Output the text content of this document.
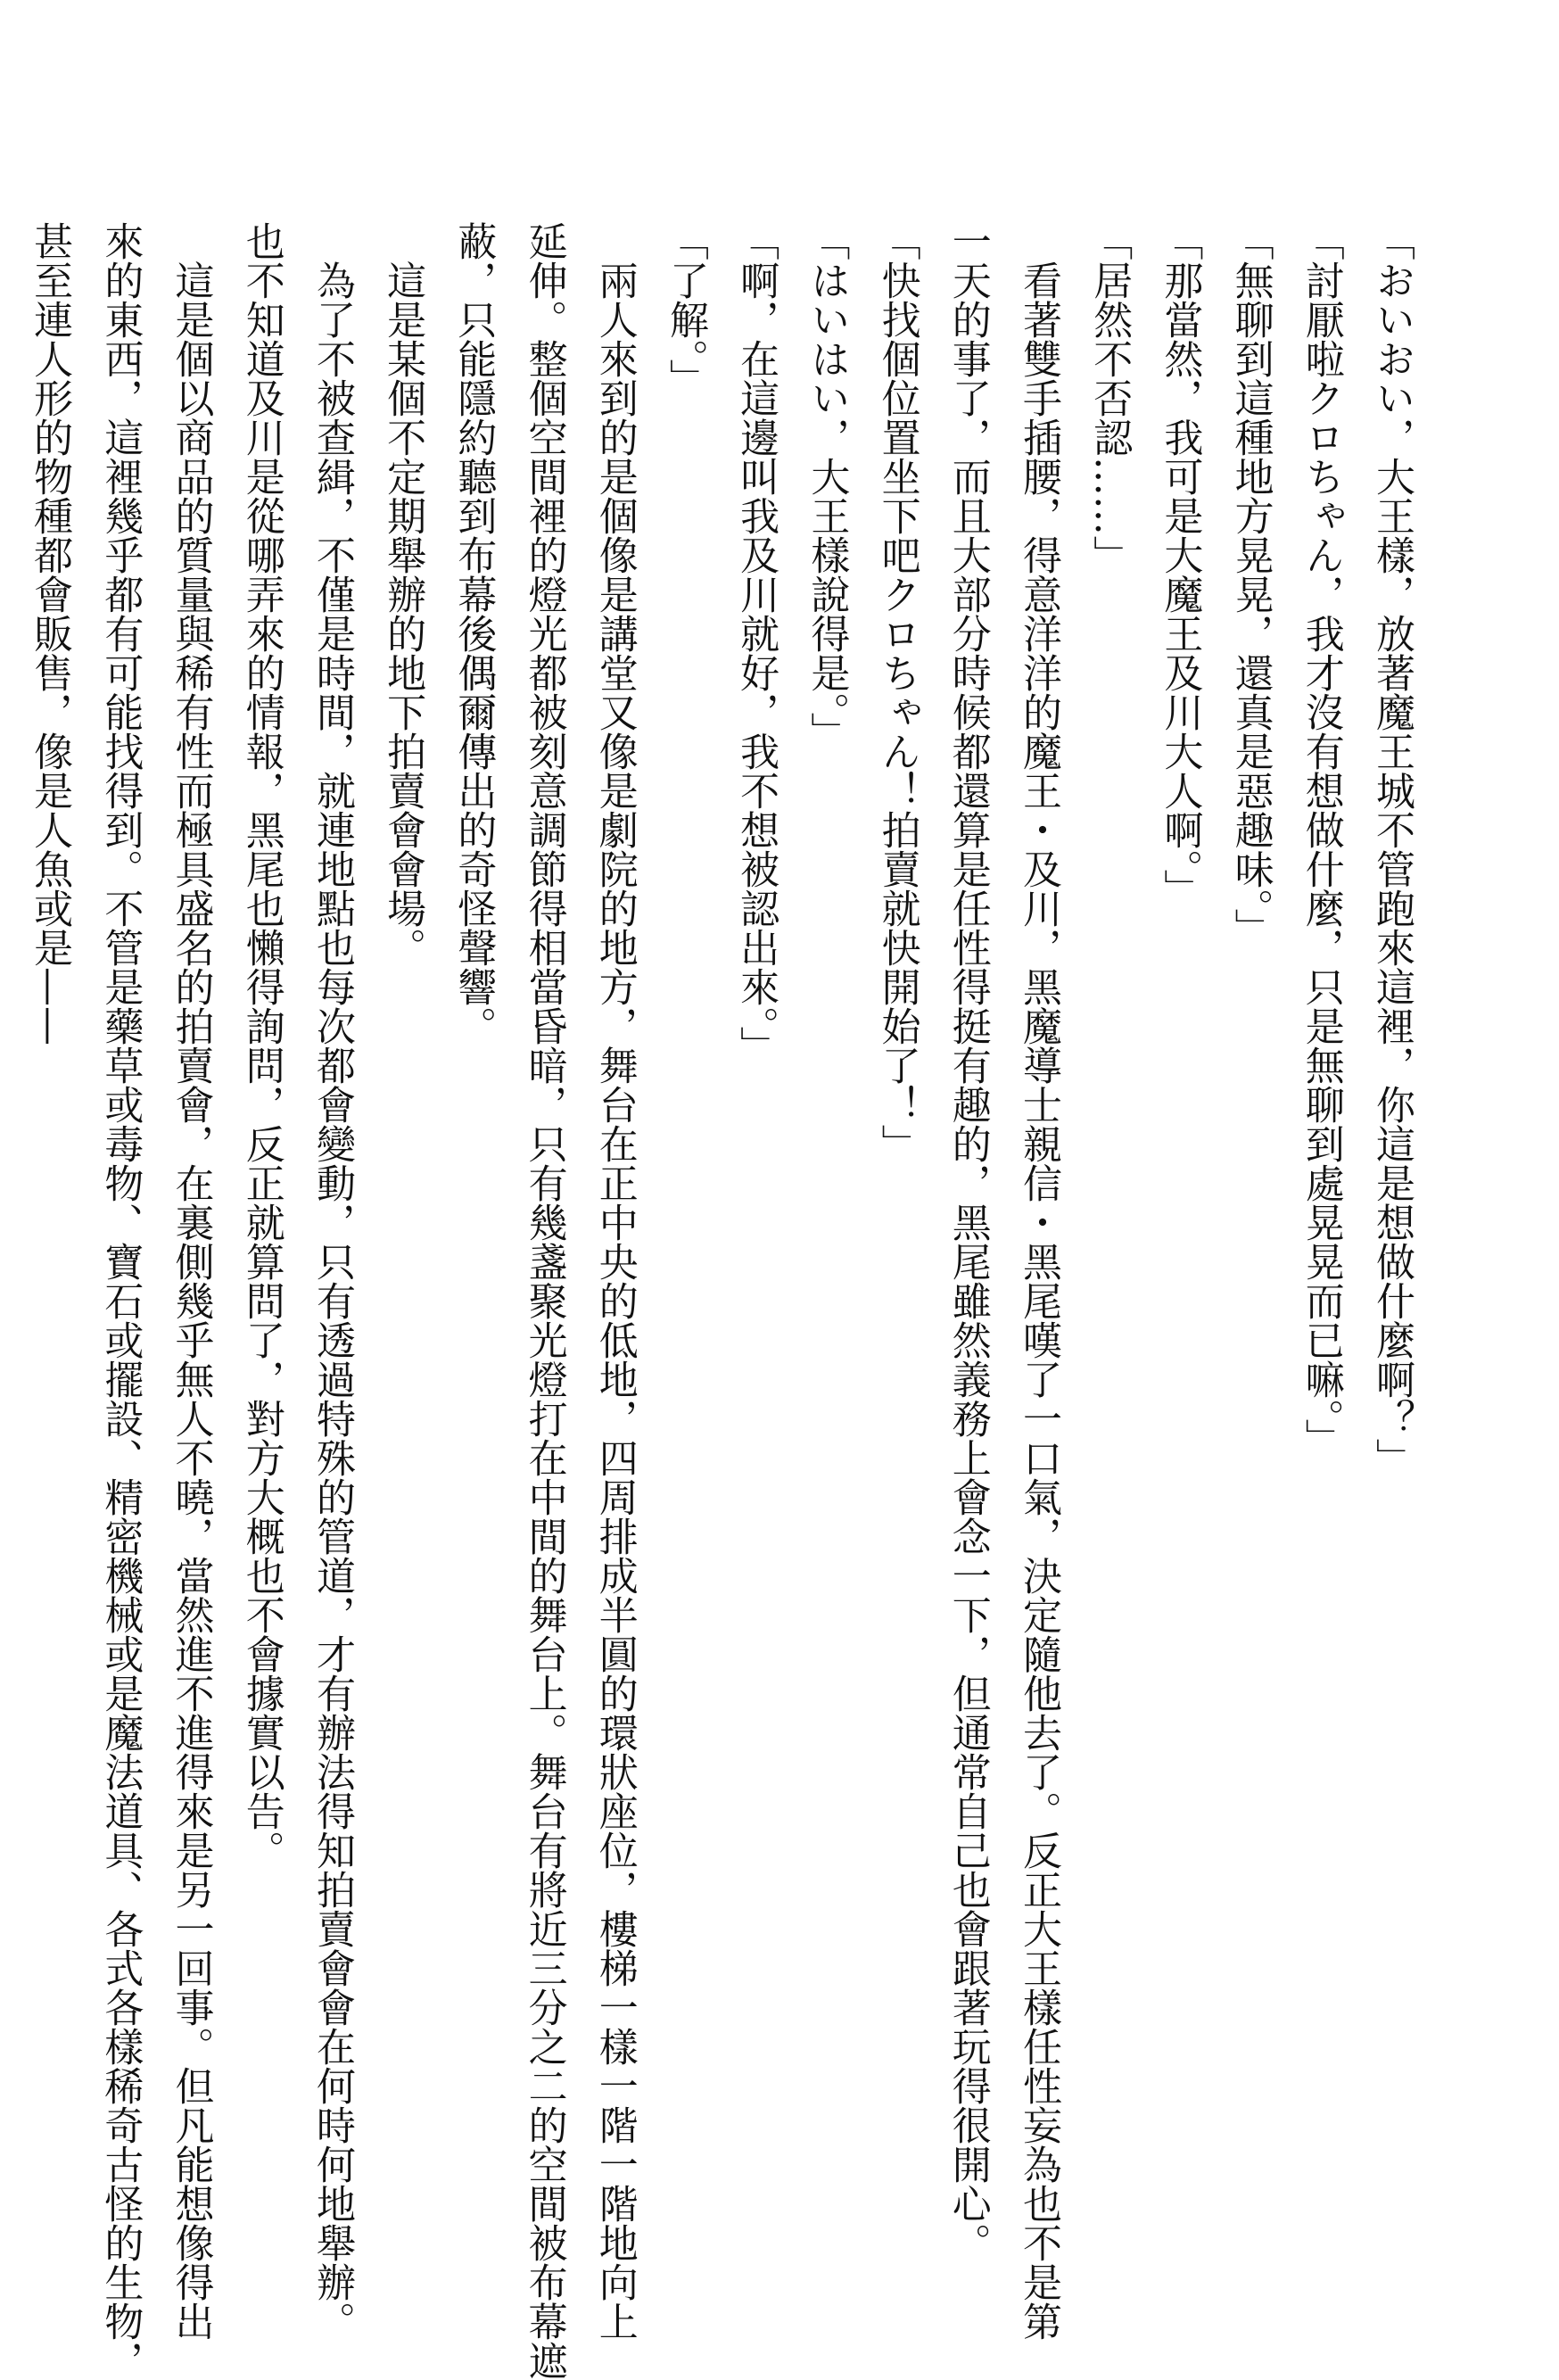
「おいおい，大王樣，放著魔王城不管跑來這裡，你這是想做什麼啊？」

「討厭啦クロちゃん，我才沒有想做什麼，只是無聊到處晃晃而已嘛。」

「無聊到這種地方晃晃，還真是惡趣味。」

「那當然，我可是大魔王及川大人啊。」

「居然不否認……」

　看著雙手插腰，得意洋洋的魔王・及川，黑魔導士親信・黑尾嘆了一口氣，決定隨他去了。反正大王樣任性妄為也不是第

一天的事了，而且大部分時候都還算是任性得挺有趣的，黑尾雖然義務上會念一下，但通常自己也會跟著玩得很開心。

「快找個位置坐下吧クロちゃん！拍賣就快開始了！」

「はいはい，大王樣說得是。」

「啊，在這邊叫我及川就好，我不想被認出來。」

「了解。」

　兩人來到的是個像是講堂又像是劇院的地方，舞台在正中央的低地，四周排成半圓的環狀座位，樓梯一樣一階一階地向上

延伸。整個空間裡的燈光都被刻意調節得相當昏暗，只有幾盞聚光燈打在中間的舞台上。舞台有將近三分之二的空間被布幕遮

蔽，只能隱約聽到布幕後偶爾傳出的奇怪聲響。

　這是某個不定期舉辦的地下拍賣會會場。

　為了不被查緝，不僅是時間，就連地點也每次都會變動，只有透過特殊的管道，才有辦法得知拍賣會會在何時何地舉辦。

也不知道及川是從哪弄來的情報，黑尾也懶得詢問，反正就算問了，對方大概也不會據實以告。

　這是個以商品的質量與稀有性而極具盛名的拍賣會，在裏側幾乎無人不曉，當然進不進得來是另一回事。但凡能想像得出

來的東西，這裡幾乎都有可能找得到。不管是藥草或毒物、寶石或擺設、精密機械或是魔法道具、各式各樣稀奇古怪的生物，

甚至連人形的物種都會販售，像是人魚或是——
